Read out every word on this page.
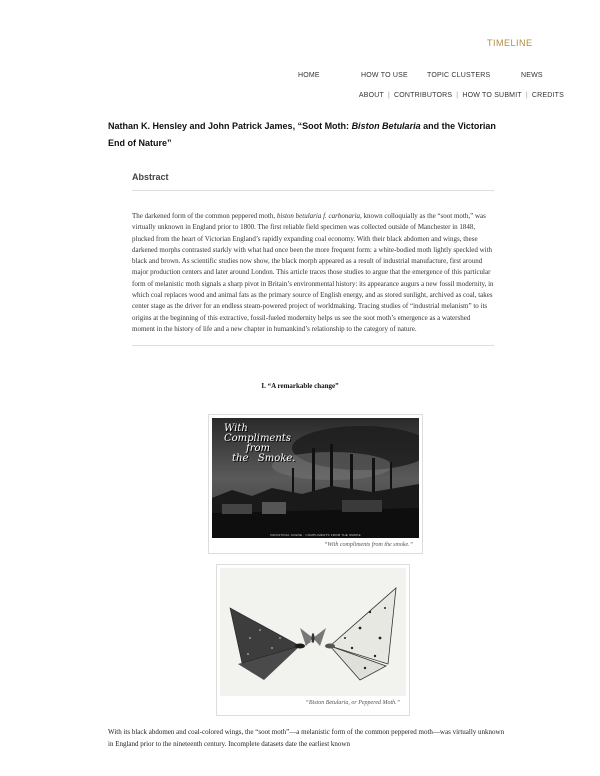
TIMELINE
HOME	HOW TO USE	TOPIC CLUSTERS	NEWS
ABOUT | CONTRIBUTORS | HOW TO SUBMIT | CREDITS
Nathan K. Hensley and John Patrick James, “Soot Moth: Biston Betularia and the Victorian End of Nature”
Abstract
The darkened form of the common peppered moth, biston betularia f. carbonaria, known colloquially as the “soot moth,” was virtually unknown in England prior to 1800. The first reliable field specimen was collected outside of Manchester in 1848, plucked from the heart of Victorian England’s rapidly expanding coal economy. With their black abdomen and wings, these darkened morphs contrasted starkly with what had once been the more frequent form: a white-bodied moth lightly speckled with black and brown. As scientific studies now show, the black morph appeared as a result of industrial manufacture, first around major production centers and later around London. This article traces those studies to argue that the emergence of this particular form of melanistic moth signals a sharp pivot in Britain’s environmental history: its appearance augurs a new fossil modernity, in which coal replaces wood and animal fats as the primary source of English energy, and as stored sunlight, archived as coal, takes center stage as the driver for an endless steam-powered project of worldmaking. Tracing studies of “industrial melanism” to its origins at the beginning of this extractive, fossil-fueled modernity helps us see the soot moth’s emergence as a watershed moment in the history of life and a new chapter in humankind’s relationship to the category of nature.
I. “A remarkable change”
With
Compliments
from
the   Smoke.
INDUSTRIAL SCENE · COMPLIMENTS FROM THE SMOKE
“With compliments from the smoke.”
“Biston Betularia, or Peppered Moth.”
With its black abdomen and coal-colored wings, the “soot moth”—a melanistic form of the common peppered moth—was virtually unknown in England prior to the nineteenth century. Incomplete datasets date the earliest known
